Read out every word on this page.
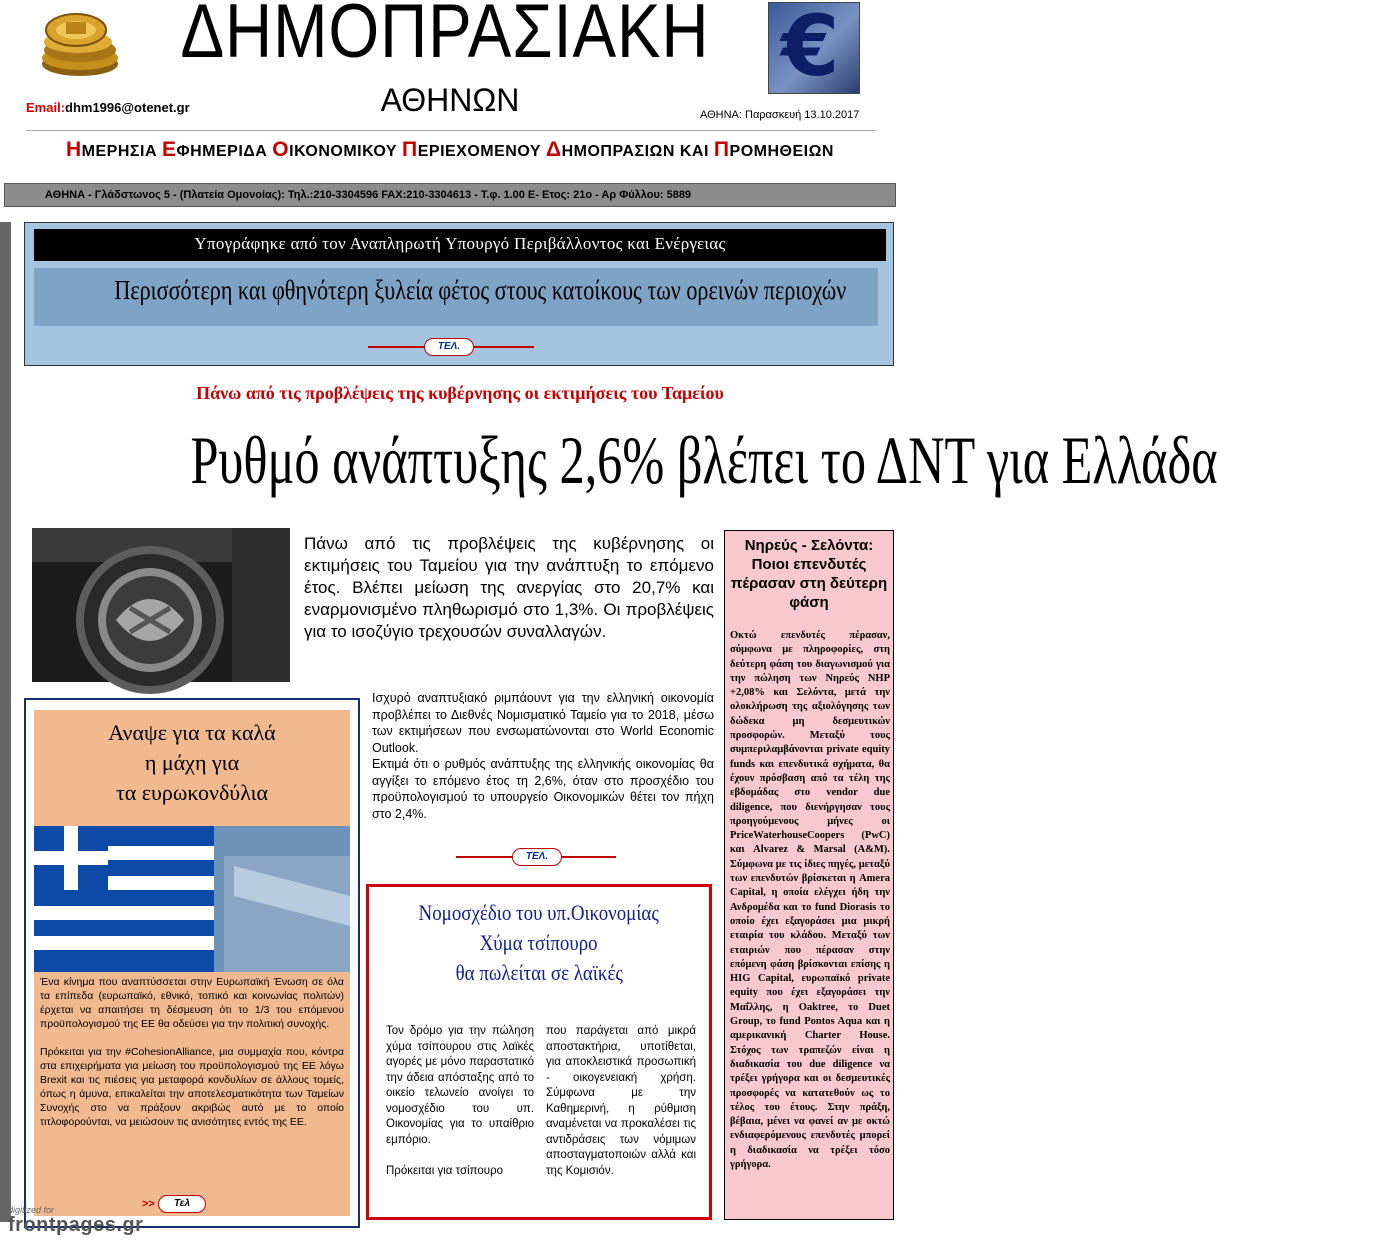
€
ΔΗΜΟΠΡΑΣΙΑΚΗ
ΑΘΗΝΩΝ
Email:dhm1996@otenet.gr	ΑΘΗΝΑ: Παρασκευή 13.10.2017
ΗΜΕΡΗΣΙΑ ΕΦΗΜΕΡΙΔΑ ΟΙΚΟΝΟΜΙΚΟΥ ΠΕΡΙΕΧΟΜΕΝΟΥ ΔΗΜΟΠΡΑΣΙΩΝ ΚΑΙ ΠΡΟΜΗΘΕΙΩΝ
ΑΘΗΝΑ - Γλάδστωνος 5 - (Πλατεία Ομονοίας): Τηλ.:210-3304596 FAX:210-3304613 - Τ.φ. 1.00 Ε- Ετος: 21ο - Αρ Φύλλου: 5889
Υπογράφηκε από τον Αναπληρωτή Υπουργό Περιβάλλοντος και Ενέργειας
Περισσότερη και φθηνότερη ξυλεία φέτος στους κατοίκους των ορεινών περιοχών
ΤΕΛ.
Πάνω από τις προβλέψεις της κυβέρνησης οι εκτιμήσεις του Ταμείου
Ρυθμό ανάπτυξης 2,6% βλέπει το ΔΝΤ για Ελλάδα
Πάνω από τις προβλέψεις της κυβέρνησης οι εκτιμήσεις του Ταμείου για την ανάπτυξη το επόμενο έτος. Βλέπει μείωση της ανεργίας στο 20,7% και εναρμονισμένο πληθωρισμό στο 1,3%. Οι προβλέψεις για το ισοζύγιο τρεχουσών συναλλαγών.

Ισχυρό αναπτυξιακό ριμπάουντ για την ελληνική οικονομία προβλέπει το Διεθνές Νομισματικό Ταμείο για το 2018, μέσω των εκτιμήσεων που ενσωματώνονται στο World Economic Outlook.

Εκτιμά ότι ο ρυθμός ανάπτυξης της ελληνικής οικονομίας θα αγγίξει το επόμενο έτος τη 2,6%, όταν στο προσχέδιο του προϋπολογισμού το υπουργείο Οικονομικών θέτει τον πήχη στο 2,4%.

ΤΕΛ.
Νηρεύς - Σελόντα: Ποιοι επενδυτές πέρασαν στη δεύτερη φάση
Οκτώ επενδυτές πέρασαν, σύμφωνα με πληροφορίες, στη δεύτερη φάση του διαγωνισμού για την πώληση των Νηρεύς NHP +2,08% και Σελόντα, μετά την ολοκλήρωση της αξιολόγησης των δώδεκα μη δεσμευτικών προσφορών. Μεταξύ τους συμπεριλαμβάνονται private equity funds και επενδυτικά σχήματα, θα έχουν πρόσβαση από τα τέλη της εβδομάδας στο vendor due diligence, που διενήργησαν τους προηγούμενους μήνες οι PriceWaterhouseCoopers (PwC) και Alvarez & Marsal (A&M). Σύμφωνα με τις ίδιες πηγές, μεταξύ των επενδυτών βρίσκεται η Amera Capital, η οποία ελέγχει ήδη την Ανδρομέδα και το fund Diorasis το οποίο έχει εξαγοράσει μια μικρή εταιρία του κλάδου. Μεταξύ των εταιριών που πέρασαν στην επόμενη φάση βρίσκονται επίσης η HIG Capital, ευρωπαϊκό private equity που έχει εξαγοράσει την Μαΐλλης, η Oaktree, το Duet Group, το fund Pontos Aqua και η αμερικανική Charter House. Στόχος των τραπεζών είναι η διαδικασία του due diligence να τρέξει γρήγορα και οι δεσμευτικές προσφορές να κατατεθούν ως το τέλος του έτους. Στην πράξη, βέβαια, μένει να φανεί αν με οκτώ ενδιαφερόμενους επενδυτές μπορεί η διαδικασία να τρέξει τόσο γρήγορα.
Αναψε για τα καλά
η μάχη για
τα ευρωκονδύλια

Ένα κίνημα που αναπτύσσεται στην Ευρωπαϊκή Ένωση σε όλα τα επίπεδα (ευρωπαϊκό, εθνικό, τοπικό και κοινωνίας πολιτών) έρχεται να απαιτήσει τη δέσμευση ότι το 1/3 του επόμενου προϋπολογισμού της ΕΕ θα οδεύσει για την πολιτική συνοχής.

Πρόκειται για την #CohesionAlliance, μια συμμαχία που, κόντρα στα επιχειρήματα για μείωση του προϋπολογισμού της ΕΕ λόγω Brexit και τις πιέσεις για μεταφορά κονδυλίων σε άλλους τομείς, όπως η άμυνα, επικαλείται την αποτελεσματικότητα των Ταμείων Συνοχής στο να πράξουν ακριβώς αυτό με το οποίο τιτλοφορούνται, να μειώσουν τις ανισότητες εντός της ΕΕ.

>>	Τελ
Νομοσχέδιο του υπ.Οικονομίας
Χύμα τσίπουρο
θα πωλείται σε λαϊκές

Τον δρόμο για την πώληση χύμα τσίπουρου στις λαϊκές αγορές με μόνο παραστατικό την άδεια απόσταξης από το οικείο τελωνείο ανοίγει το νομοσχέδιο του υπ. Οικονομίας για το υπαίθριο εμπόριο.

Πρόκειται για τσίπουρο

που παράγεται από μικρά αποστακτήρια, υποτίθεται, για αποκλειστικά προσωπική - οικογενειακή χρήση. Σύμφωνα με την Καθημερινή, η ρύθμιση αναμένεται να προκαλέσει τις αντιδράσεις των νόμιμων αποσταγματοποιών αλλά και της Κομισιόν.
digitized for
frontpages.gr
